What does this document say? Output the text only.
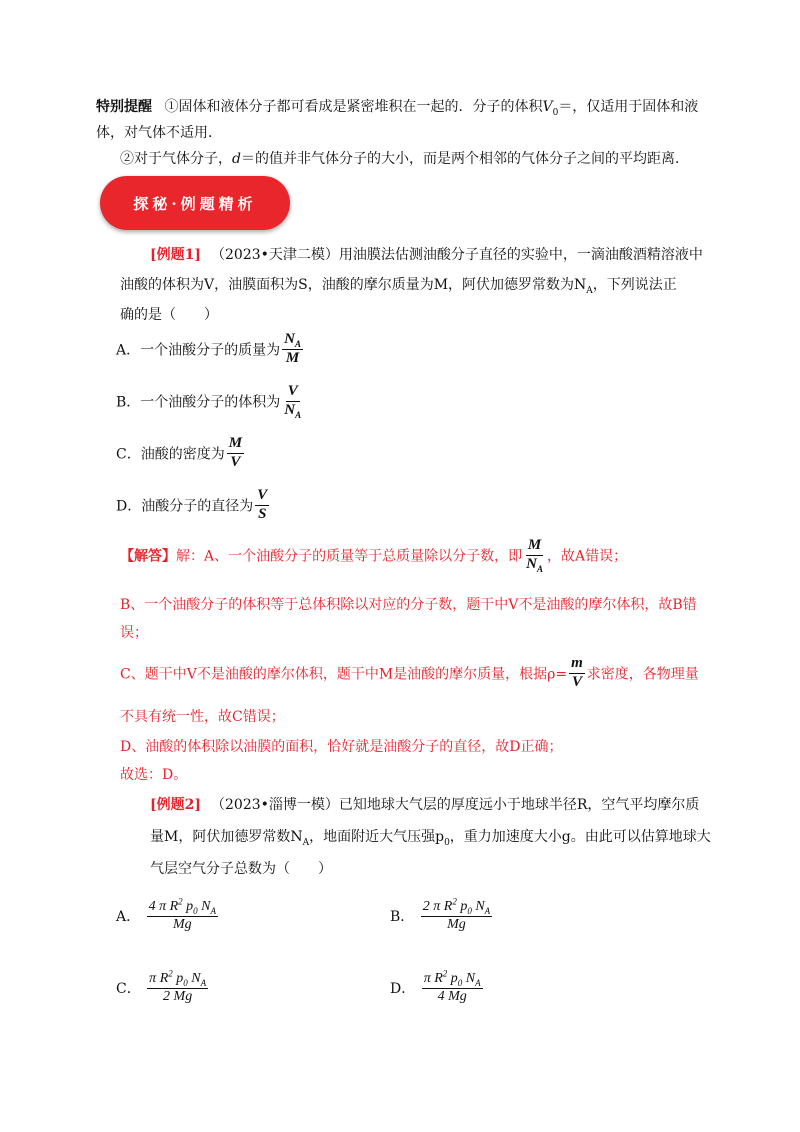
特别提醒 ①固体和液体分子都可看成是紧密堆积在一起的．分子的体积$V_0=$，仅适用于固体和液
体，对气体不适用．
②对于气体分子，d＝的值并非气体分子的大小，而是两个相邻的气体分子之间的平均距离．
探秘·例题精析
[例题1] （2023•天津二模）用油膜法估测油酸分子直径的实验中，一滴油酸酒精溶液中
油酸的体积为V，油膜面积为S，油酸的摩尔质量为M，阿伏加德罗常数为$N_A$，下列说法正
确的是（　　）
A．一个油酸分子的质量为 $\frac{N_A}{M}$
B．一个油酸分子的体积为 $\frac{V}{N_A}$
C．油酸的密度为 $\frac{M}{V}$
D．油酸分子的直径为 $\frac{V}{S}$
【解答】解：A、一个油酸分子的质量等于总质量除以分子数，即 $\frac{M}{N_A}$ ，故A错误；
B、一个油酸分子的体积等于总体积除以对应的分子数，题干中V不是油酸的摩尔体积，故B错
误；
C、题干中V不是油酸的摩尔体积，题干中M是油酸的摩尔质量，根据$\rho= \frac{m}{V}$ 求密度，各物理量
不具有统一性，故C错误；
D、油酸的体积除以油膜的面积，恰好就是油酸分子的直径，故D正确；
故选：D。
[例题2] （2023•淄博一模）已知地球大气层的厚度远小于地球半径R，空气平均摩尔质
量M，阿伏加德罗常数$N_A$，地面附近大气压强$p_0$，重力加速度大小g。由此可以估算地球大
气层空气分子总数为（　　）
A． $\frac{4 \pi R^2 p_0 N_A}{Mg}$	B． $\frac{2 \pi R^2 p_0 N_A}{Mg}$
C． $\frac{\pi R^2 p_0 N_A}{2 Mg}$	D． $\frac{\pi R^2 p_0 N_A}{4 Mg}$
